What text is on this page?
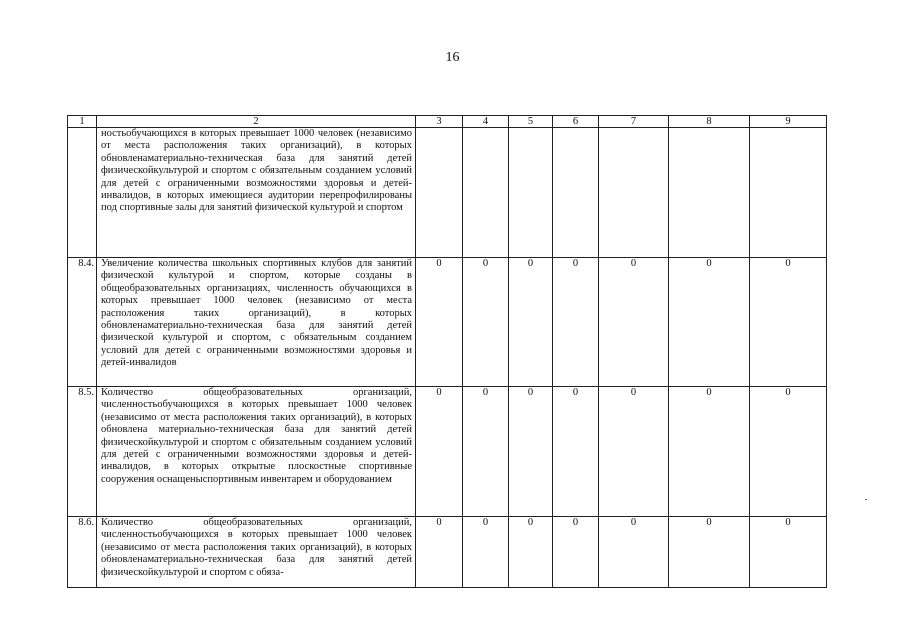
16
1	2	3	4	5	6	7	8	9
	ностьобучающихся в которых превышает 1000 человек (независимо от места расположения таких организаций), в которых обновленаматериально-техническая база для занятий детей физическойкультурой и спортом с обязательным созданием условий для детей с ограниченными возможностями здоровья и детей-инвалидов, в которых имеющиеся аудитории перепрофилированы под спортивные залы для занятий физической культурой и спортом							
8.4.	Увеличение количества школьных спортивных клубов для занятий физической культурой и спортом, которые созданы в общеобразовательных организациях, численность обучающихся в которых превышает 1000 человек (независимо от места расположения таких организаций), в которых обновленаматериально-техническая база для занятий детей физической культурой и спортом, с обязательным созданием условий для детей с ограниченными возможностями здоровья и детей-инвалидов	0	0	0	0	0	0	0
8.5.	Количество общеобразовательных организаций, численностьобучающихся в которых превышает 1000 человек (независимо от места расположения таких организаций), в которых обновлена материально-техническая база для занятий детей физическойкультурой и спортом с обязательным созданием условий для детей с ограниченными возможностями здоровья и детей-инвалидов, в которых открытые плоскостные спортивные сооружения оснащеныспортивным инвентарем и оборудованием	0	0	0	0	0	0	0
8.6.	Количество общеобразовательных организаций, численностьобучающихся в которых превышает 1000 человек (независимо от места расположения таких организаций), в которых обновленаматериально-техническая база для занятий детей физическойкультурой и спортом с обяза-	0	0	0	0	0	0	0
